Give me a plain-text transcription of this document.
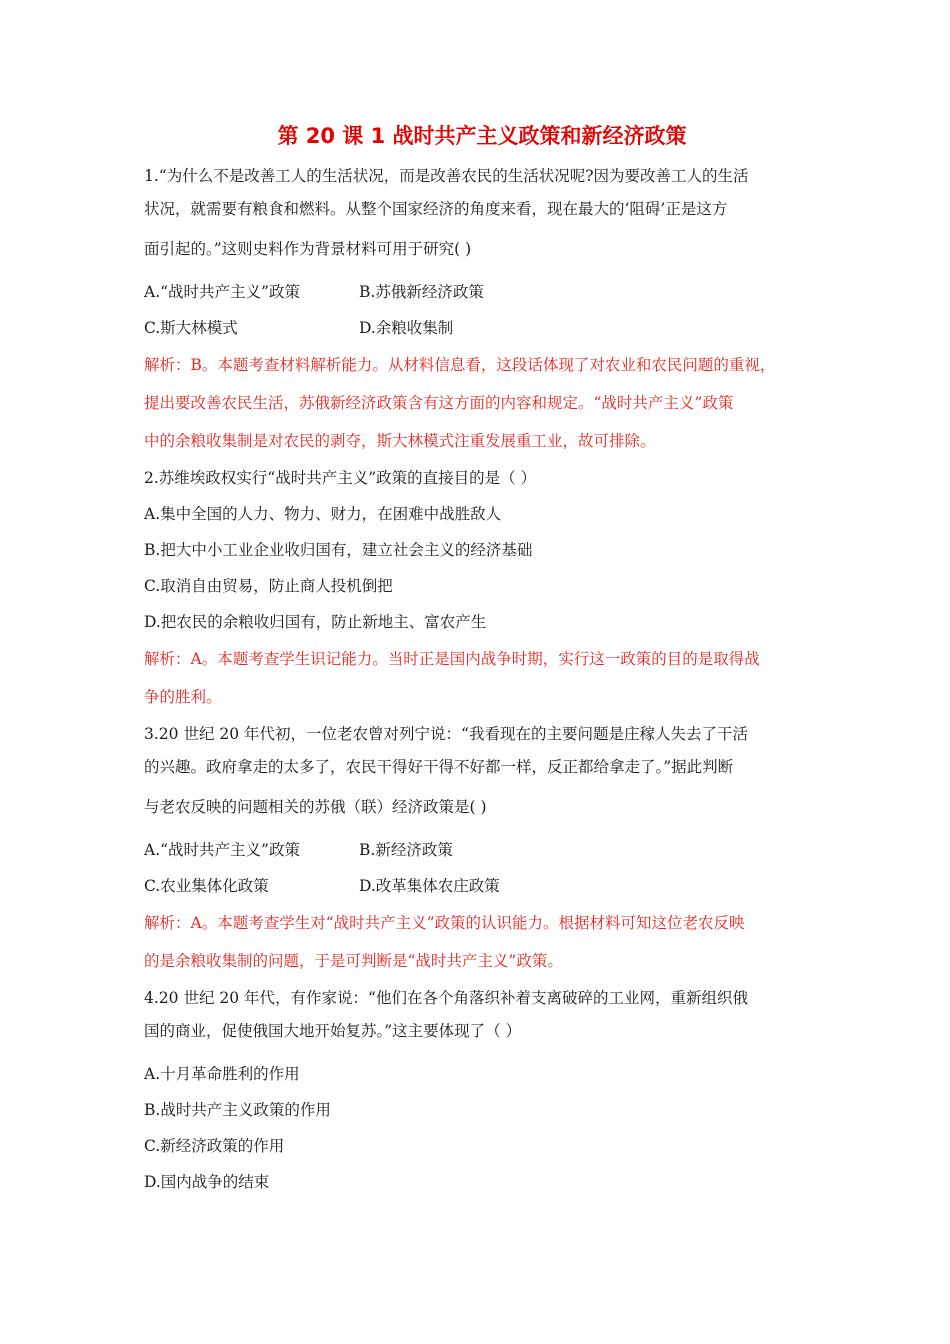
第 20 课 1 战时共产主义政策和新经济政策
1.“为什么不是改善工人的生活状况，而是改善农民的生活状况呢?因为要改善工人的生活
状况，就需要有粮食和燃料。从整个国家经济的角度来看，现在最大的‘阻碍’正是这方
面引起的。”这则史料作为背景材料可用于研究( )
A.“战时共产主义”政策	B.苏俄新经济政策
C.斯大林模式	D.余粮收集制
解析：B。本题考查材料解析能力。从材料信息看，这段话体现了对农业和农民问题的重视，
提出要改善农民生活，苏俄新经济政策含有这方面的内容和规定。“战时共产主义”政策
中的余粮收集制是对农民的剥夺，斯大林模式注重发展重工业，故可排除。
2.苏维埃政权实行“战时共产主义”政策的直接目的是（ ）
A.集中全国的人力、物力、财力，在困难中战胜敌人
B.把大中小工业企业收归国有，建立社会主义的经济基础
C.取消自由贸易，防止商人投机倒把
D.把农民的余粮收归国有，防止新地主、富农产生
解析：A。本题考查学生识记能力。当时正是国内战争时期，实行这一政策的目的是取得战
争的胜利。
3.20 世纪 20 年代初，一位老农曾对列宁说：“我看现在的主要问题是庄稼人失去了干活
的兴趣。政府拿走的太多了，农民干得好干得不好都一样，反正都给拿走了。”据此判断
与老农反映的问题相关的苏俄（联）经济政策是( )
A.“战时共产主义”政策	B.新经济政策
C.农业集体化政策	D.改革集体农庄政策
解析：A。本题考查学生对“战时共产主义”政策的认识能力。根据材料可知这位老农反映
的是余粮收集制的问题，于是可判断是“战时共产主义”政策。
4.20 世纪 20 年代，有作家说：“他们在各个角落织补着支离破碎的工业网，重新组织俄
国的商业，促使俄国大地开始复苏。”这主要体现了（ ）
A.十月革命胜利的作用
B.战时共产主义政策的作用
C.新经济政策的作用
D.国内战争的结束
